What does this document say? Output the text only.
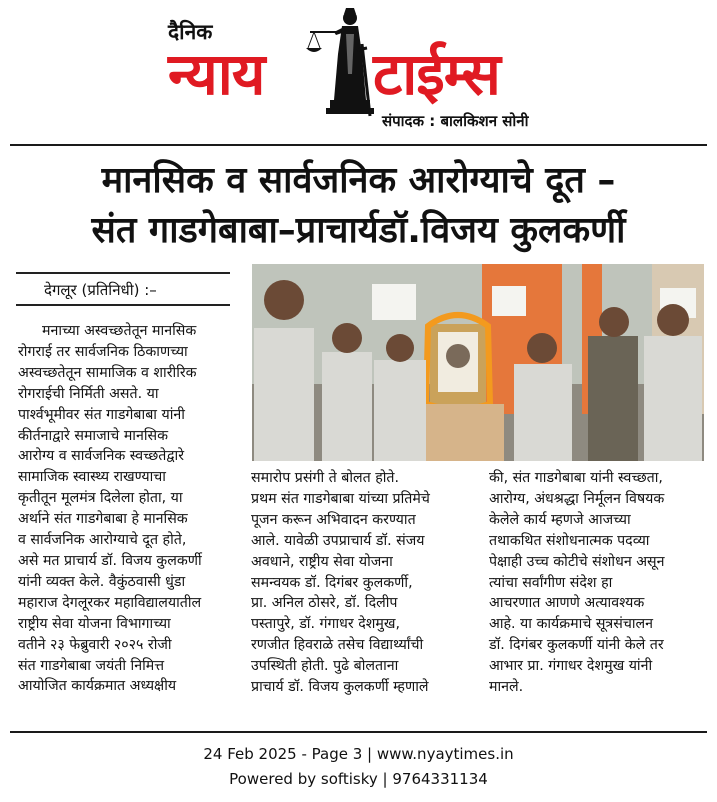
दैनिक
न्याय टाईम्स
संपादक : बालकिशन सोनी
मानसिक व सार्वजनिक आरोग्याचे दूत –
संत गाडगेबाबा–प्राचार्यडॉ.विजय कुलकर्णी
देगलूर (प्रतिनिधी) :–

मनाच्या अस्वच्छतेतून मानसिक

रोगराई तर सार्वजनिक ठिकाणच्या

अस्वच्छतेतून सामाजिक व शारीरिक

रोगराईची निर्मिती असते. या

पार्श्वभूमीवर संत गाडगेबाबा यांनी

कीर्तनाद्वारे समाजाचे मानसिक

आरोग्य व सार्वजनिक स्वच्छतेद्वारे

सामाजिक स्वास्थ्य राखण्याचा

कृतीतून मूलमंत्र दिलेला होता, या

अर्थाने संत गाडगेबाबा हे मानसिक

व सार्वजनिक आरोग्याचे दूत होते,

असे मत प्राचार्य डॉ. विजय कुलकर्णी

यांनी व्यक्त केले. वैकुंठवासी धुंडा

महाराज देगलूरकर महाविद्यालयातील

राष्ट्रीय सेवा योजना विभागाच्या

वतीने २३ फेब्रुवारी २०२५ रोजी

संत गाडगेबाबा जयंती निमित्त

आयोजित कार्यक्रमात अध्यक्षीय

समारोप प्रसंगी ते बोलत होते.

प्रथम संत गाडगेबाबा यांच्या प्रतिमेचे

पूजन करून अभिवादन करण्यात

आले. यावेळी उपप्राचार्य डॉ. संजय

अवधाने, राष्ट्रीय सेवा योजना

समन्वयक डॉ. दिगंबर कुलकर्णी,

प्रा. अनिल ठोसरे, डॉ. दिलीप

पस्तापुरे, डॉ. गंगाधर देशमुख,

रणजीत हिवराळे तसेच विद्यार्थ्यांची

उपस्थिती होती. पुढे बोलताना

प्राचार्य डॉ. विजय कुलकर्णी म्हणाले

की, संत गाडगेबाबा यांनी स्वच्छता,

आरोग्य, अंधश्रद्धा निर्मूलन विषयक

केलेले कार्य म्हणजे आजच्या

तथाकथित संशोधनात्मक पदव्या

पेक्षाही उच्च कोटीचे संशोधन असून

त्यांचा सर्वांगीण संदेश हा

आचरणात आणणे अत्यावश्यक

आहे. या कार्यक्रमाचे सूत्रसंचालन

डॉ. दिगंबर कुलकर्णी यांनी केले तर

आभार प्रा. गंगाधर देशमुख यांनी

मानले.

24 Feb 2025 - Page 3 | www.nyaytimes.in
Powered by softisky | 9764331134
